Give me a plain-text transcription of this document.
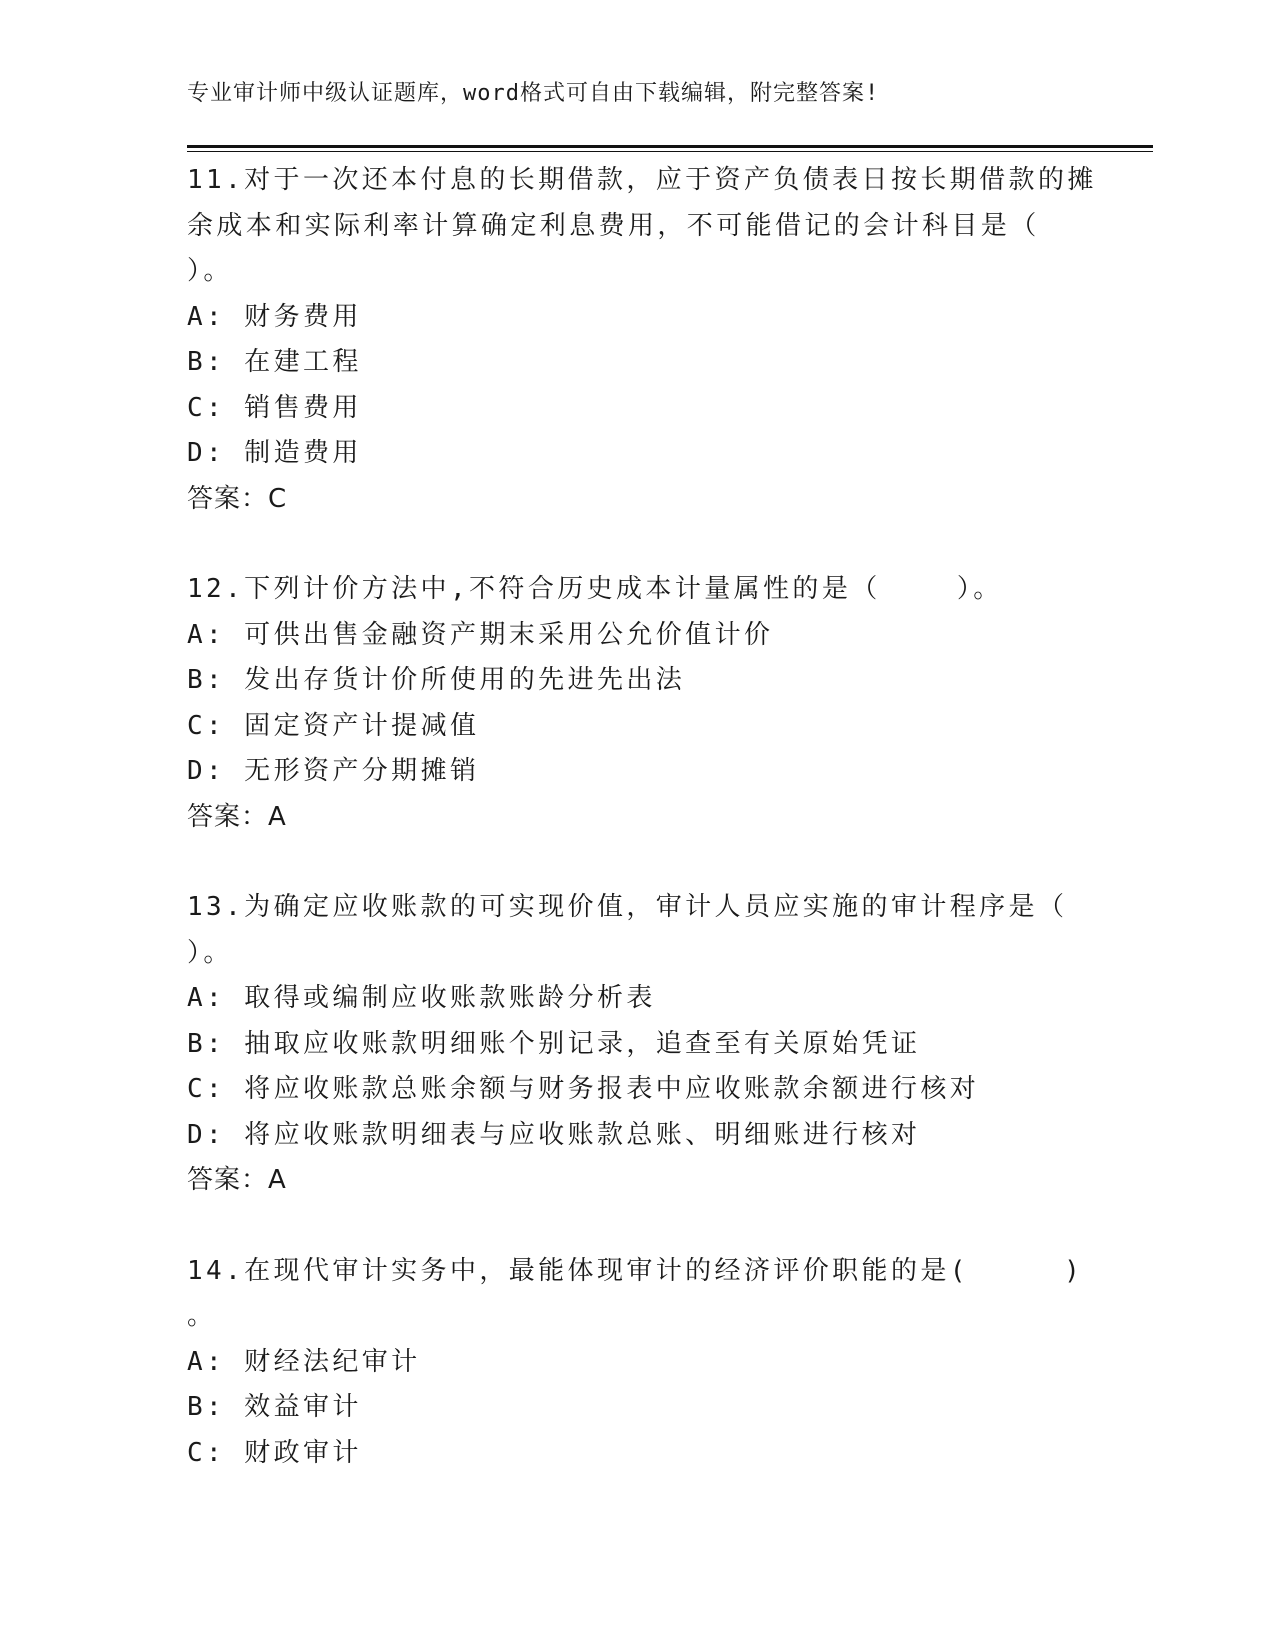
专业审计师中级认证题库，word格式可自由下载编辑，附完整答案!
11.对于一次还本付息的长期借款，应于资产负债表日按长期借款的摊
余成本和实际利率计算确定利息费用，不可能借记的会计科目是（
）。
A: 财务费用
B: 在建工程
C: 销售费用
D: 制造费用
答案：C
12.下列计价方法中,不符合历史成本计量属性的是（    ）。
A: 可供出售金融资产期末采用公允价值计价
B: 发出存货计价所使用的先进先出法
C: 固定资产计提减值
D: 无形资产分期摊销
答案：A
13.为确定应收账款的可实现价值，审计人员应实施的审计程序是（
）。
A: 取得或编制应收账款账龄分析表
B: 抽取应收账款明细账个别记录，追查至有关原始凭证
C: 将应收账款总账余额与财务报表中应收账款余额进行核对
D: 将应收账款明细表与应收账款总账、明细账进行核对
答案：A
14.在现代审计实务中，最能体现审计的经济评价职能的是(     )
。
A: 财经法纪审计
B: 效益审计
C: 财政审计
